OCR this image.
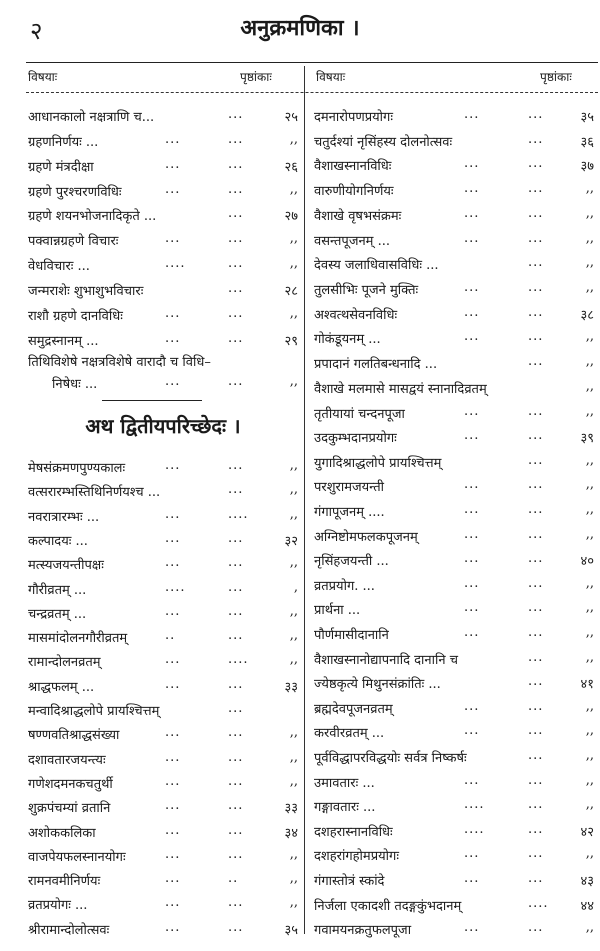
२	अनुक्रमणिका ।
विषयाः	पृष्ठांकाः	विषयाः	पृष्ठांकाः
आधानकालो नक्षत्राणि च...	...	२५
ग्रहणनिर्णयः ...	...	...	,,
ग्रहणे मंत्रदीक्षा	...	...	२६
ग्रहणे पुरश्चरणविधिः	...	...	,,
ग्रहणे शयनभोजनादिकृते ...	...	२७
पक्वान्नग्रहणे विचारः	...	...	,,
वेधविचारः ...	....	...	,,
जन्मराशेः शुभाशुभविचारः	...	२८
राशौ ग्रहणे दानविधिः	...	...	,,
समुद्रस्नानम् ...	...	...	२९
तिथिविशेषे नक्षत्रविशेषे वारादौ च विधि–
निषेधः ...	...	...	,,
अथ द्वितीयपरिच्छेदः ।
मेषसंक्रमणपुण्यकालः	...	...	,,
वत्सरारम्भस्तिथिनिर्णयश्च ...	...	,,
नवरात्रारम्भः ...	...	....	,,
कल्पादयः ...	...	...	३२
मत्स्यजयन्तीपक्षः	...	...	,,
गौरीव्रतम् ...	....	...	,
चन्द्रव्रतम् ...	...	...	,,
मासमांदोलनगौरीव्रतम्	..	...	,,
रामान्दोलनव्रतम्	...	....	,,
श्राद्धफलम् ...	...	...	३३
मन्वादिश्राद्धलोपे प्रायश्चित्तम्	...
षण्णवतिश्राद्धसंख्या	...	...	,,
दशावतारजयन्त्यः	...	...	,,
गणेशदमनकचतुर्थी	...	...	,,
शुक्रपंचम्यां व्रतानि	...	...	३३
अशोककलिका	...	...	३४
वाजपेयफलस्नानयोगः	...	...	,,
रामनवमीनिर्णयः	...	..	,,
व्रतप्रयोगः ...	...	...	,,
श्रीरामान्दोलोत्सवः	...	...	३५
दमनारोपणप्रयोगः	...	...	३५
चतुर्दश्यां नृसिंहस्य दोलनोत्सवः	...	३६
वैशाखस्नानविधिः	...	...	३७
वारुणीयोगनिर्णयः	...	...	,,
वैशाखे वृषभसंक्रमः	...	...	,,
वसन्तपूजनम् ...	...	...	,,
देवस्य जलाधिवासविधिः ...	...	,,
तुलसीभिः पूजने मुक्तिः	...	...	,,
अश्वत्थसेवनविधिः	...	...	३८
गोकंडूयनम् ...	...	...	,,
प्रपादानं गलतिबन्धनादि ...	...	,,
वैशाखे मलमासे मासद्वयं स्नानादिव्रतम्	,,
तृतीयायां चन्दनपूजा	...	...	,,
उदकुम्भदानप्रयोगः	...	...	३९
युगादिश्राद्धलोपे प्रायश्चित्तम्	...	,,
परशुरामजयन्ती	...	...	,,
गंगापूजनम् ....	...	...	,,
अग्निष्टोमफलकपूजनम्	...	...	,,
नृसिंहजयन्ती ...	...	...	४०
व्रतप्रयोग. ...	...	...	,,
प्रार्थना ...	...	...	,,
पौर्णमासीदानानि	...	...	,,
वैशाखस्नानोद्यापनादि दानानि च	...	,,
ज्येष्ठकृत्ये मिथुनसंक्रांतिः ...	...	४१
ब्रह्मदेवपूजनव्रतम्	...	...	,,
करवीरव्रतम् ...	...	...	,,
पूर्वविद्धापरविद्धयोः सर्वत्र निष्कर्षः	...	,,
उमावतारः ...	...	...	,,
गङ्गावतारः ...	....	...	,,
दशहरास्नानविधिः	....	...	४२
दशहरांगहोमप्रयोगः	...	...	,,
गंगास्तोत्रं स्कांदे	...	...	४३
निर्जला एकादशी तदङ्गकुंभदानम्	....	४४
गवामयनक्रतुफलपूजा	...	...	,,
